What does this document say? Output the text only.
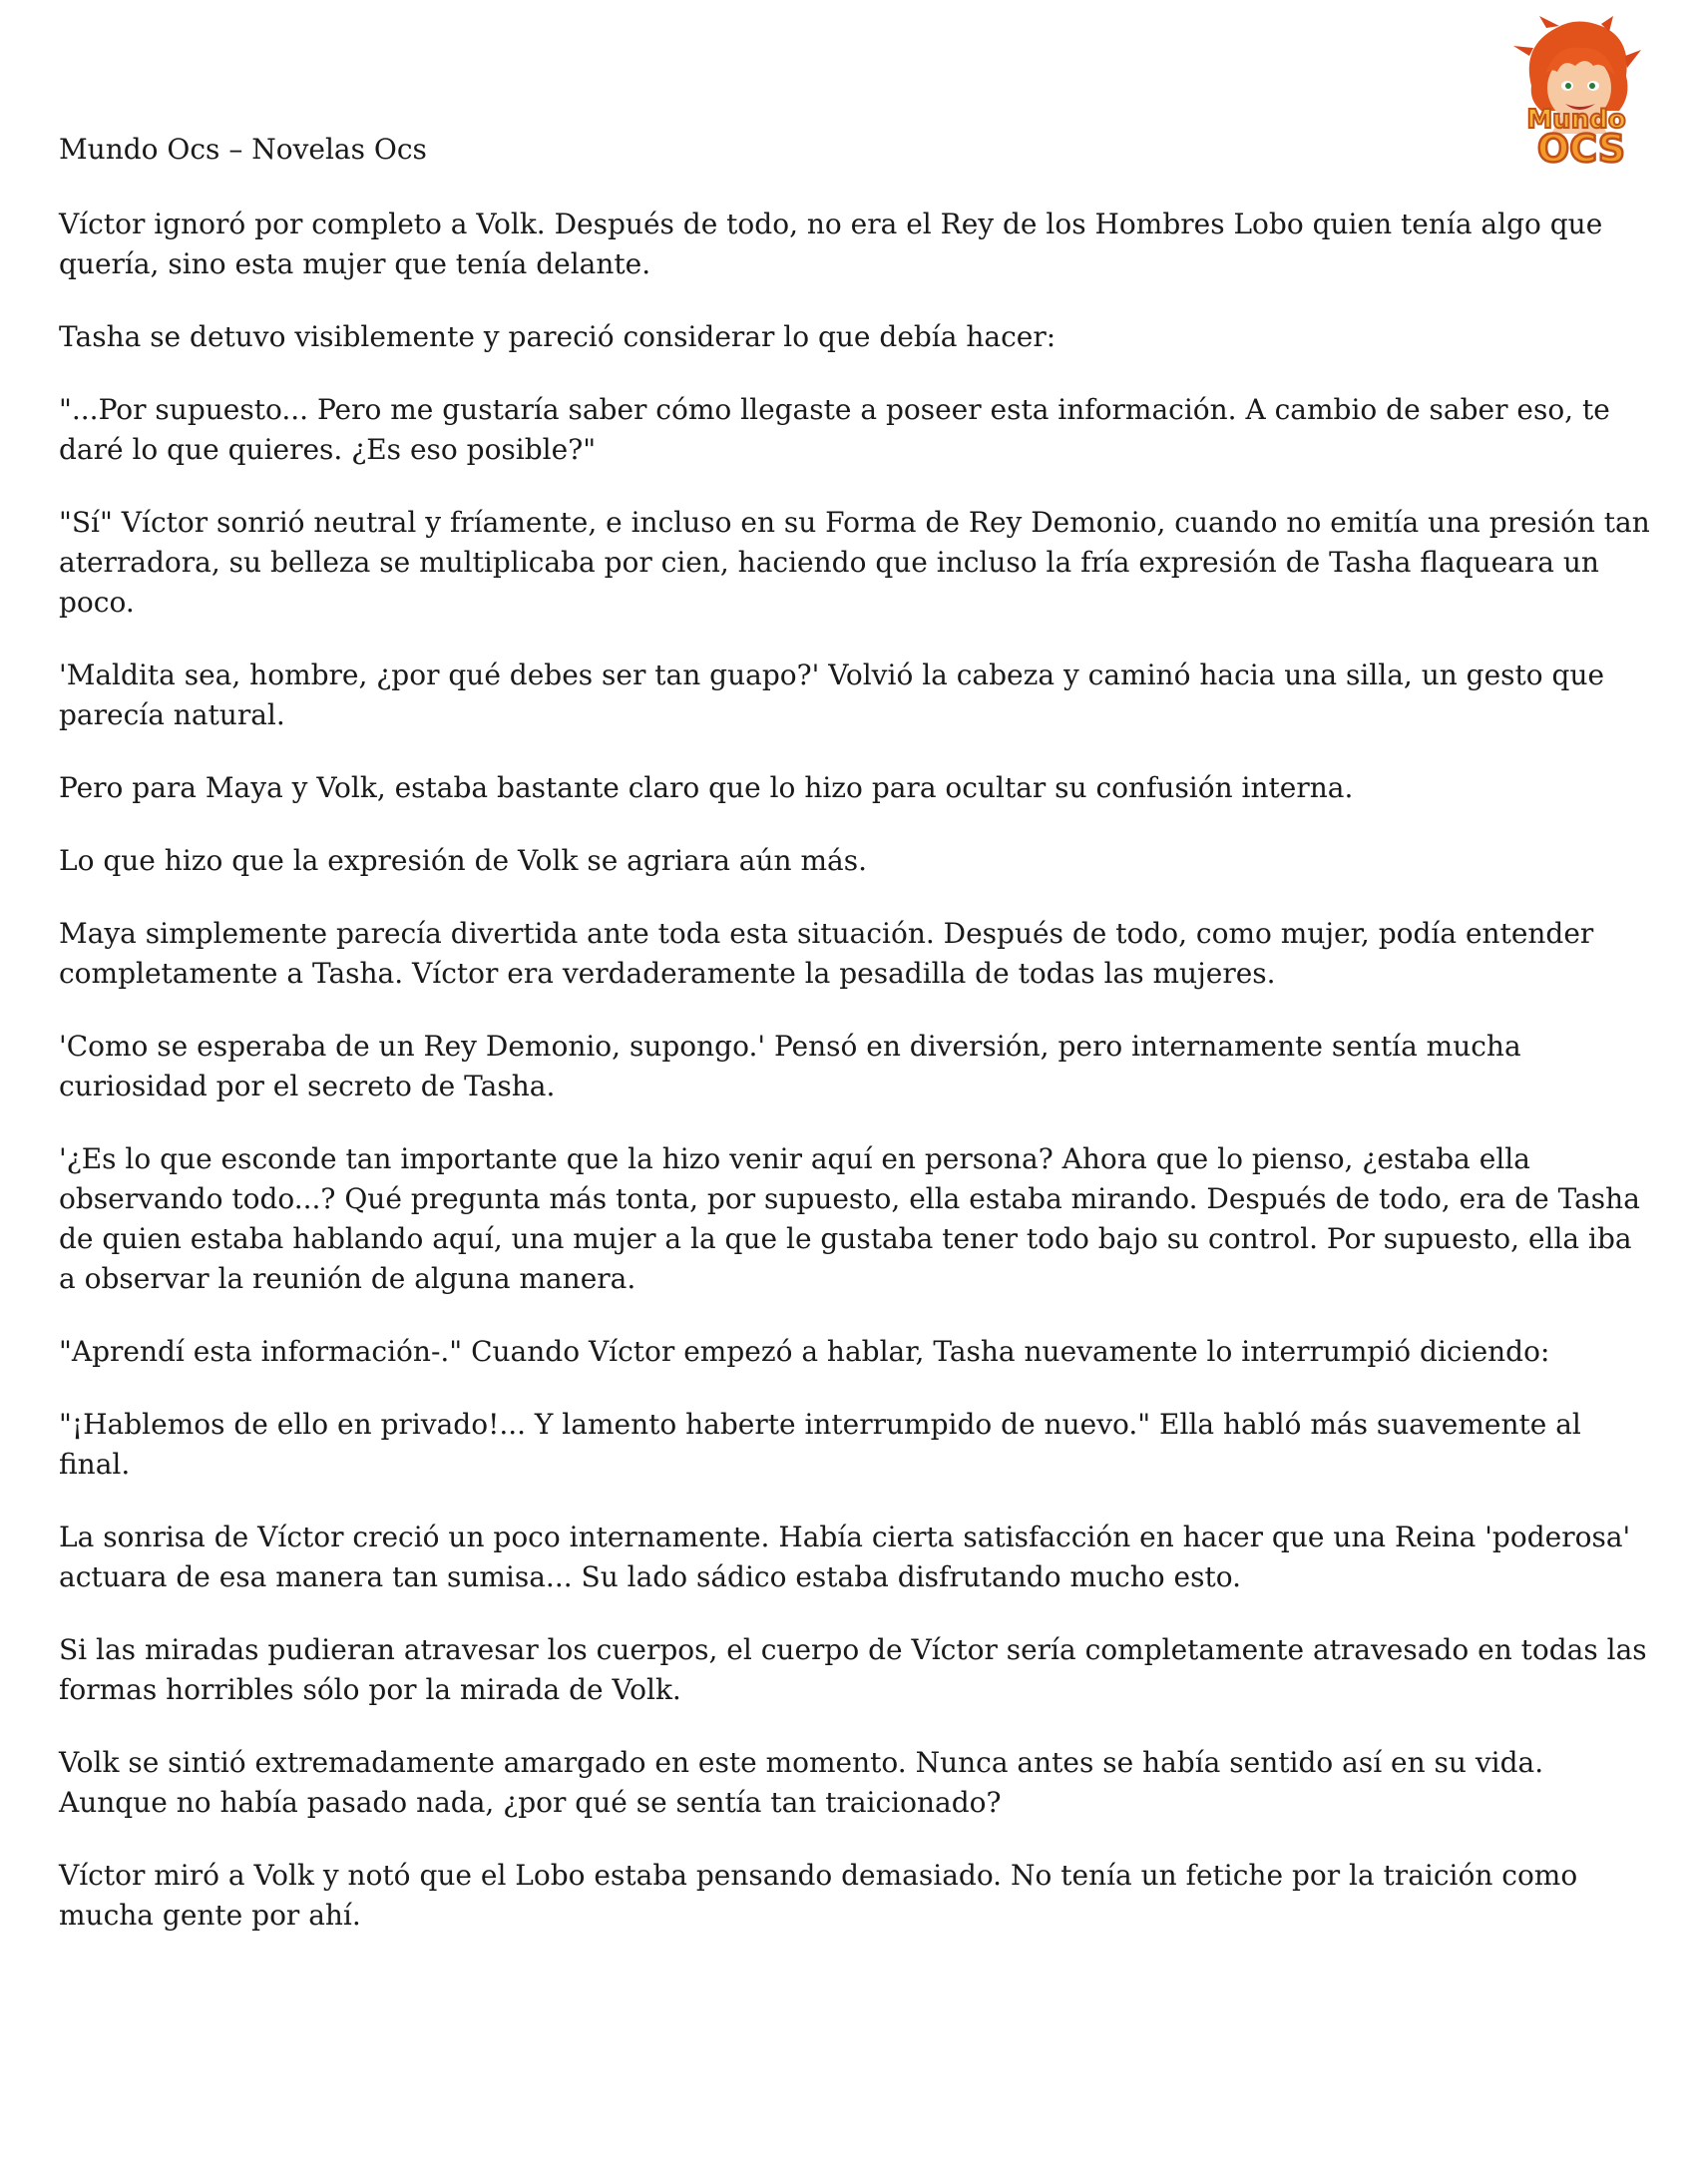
Mundo Ocs – Novelas Ocs
Mundo
OCS

Víctor ignoró por completo a Volk. Después de todo, no era el Rey de los Hombres Lobo quien tenía algo que quería, sino esta mujer que tenía delante.

Tasha se detuvo visiblemente y pareció considerar lo que debía hacer:

"...Por supuesto... Pero me gustaría saber cómo llegaste a poseer esta información. A cambio de saber eso, te daré lo que quieres. ¿Es eso posible?"

"Sí" Víctor sonrió neutral y fríamente, e incluso en su Forma de Rey Demonio, cuando no emitía una presión tan aterradora, su belleza se multiplicaba por cien, haciendo que incluso la fría expresión de Tasha flaqueara un poco.

'Maldita sea, hombre, ¿por qué debes ser tan guapo?' Volvió la cabeza y caminó hacia una silla, un gesto que parecía natural.

Pero para Maya y Volk, estaba bastante claro que lo hizo para ocultar su confusión interna.

Lo que hizo que la expresión de Volk se agriara aún más.

Maya simplemente parecía divertida ante toda esta situación. Después de todo, como mujer, podía entender completamente a Tasha. Víctor era verdaderamente la pesadilla de todas las mujeres.

'Como se esperaba de un Rey Demonio, supongo.' Pensó en diversión, pero internamente sentía mucha curiosidad por el secreto de Tasha.

'¿Es lo que esconde tan importante que la hizo venir aquí en persona? Ahora que lo pienso, ¿estaba ella observando todo...? Qué pregunta más tonta, por supuesto, ella estaba mirando. Después de todo, era de Tasha de quien estaba hablando aquí, una mujer a la que le gustaba tener todo bajo su control. Por supuesto, ella iba a observar la reunión de alguna manera.

"Aprendí esta información-." Cuando Víctor empezó a hablar, Tasha nuevamente lo interrumpió diciendo:

"¡Hablemos de ello en privado!... Y lamento haberte interrumpido de nuevo." Ella habló más suavemente al final.

La sonrisa de Víctor creció un poco internamente. Había cierta satisfacción en hacer que una Reina 'poderosa' actuara de esa manera tan sumisa... Su lado sádico estaba disfrutando mucho esto.

Si las miradas pudieran atravesar los cuerpos, el cuerpo de Víctor sería completamente atravesado en todas las formas horribles sólo por la mirada de Volk.

Volk se sintió extremadamente amargado en este momento. Nunca antes se había sentido así en su vida. Aunque no había pasado nada, ¿por qué se sentía tan traicionado?

Víctor miró a Volk y notó que el Lobo estaba pensando demasiado. No tenía un fetiche por la traición como mucha gente por ahí.
